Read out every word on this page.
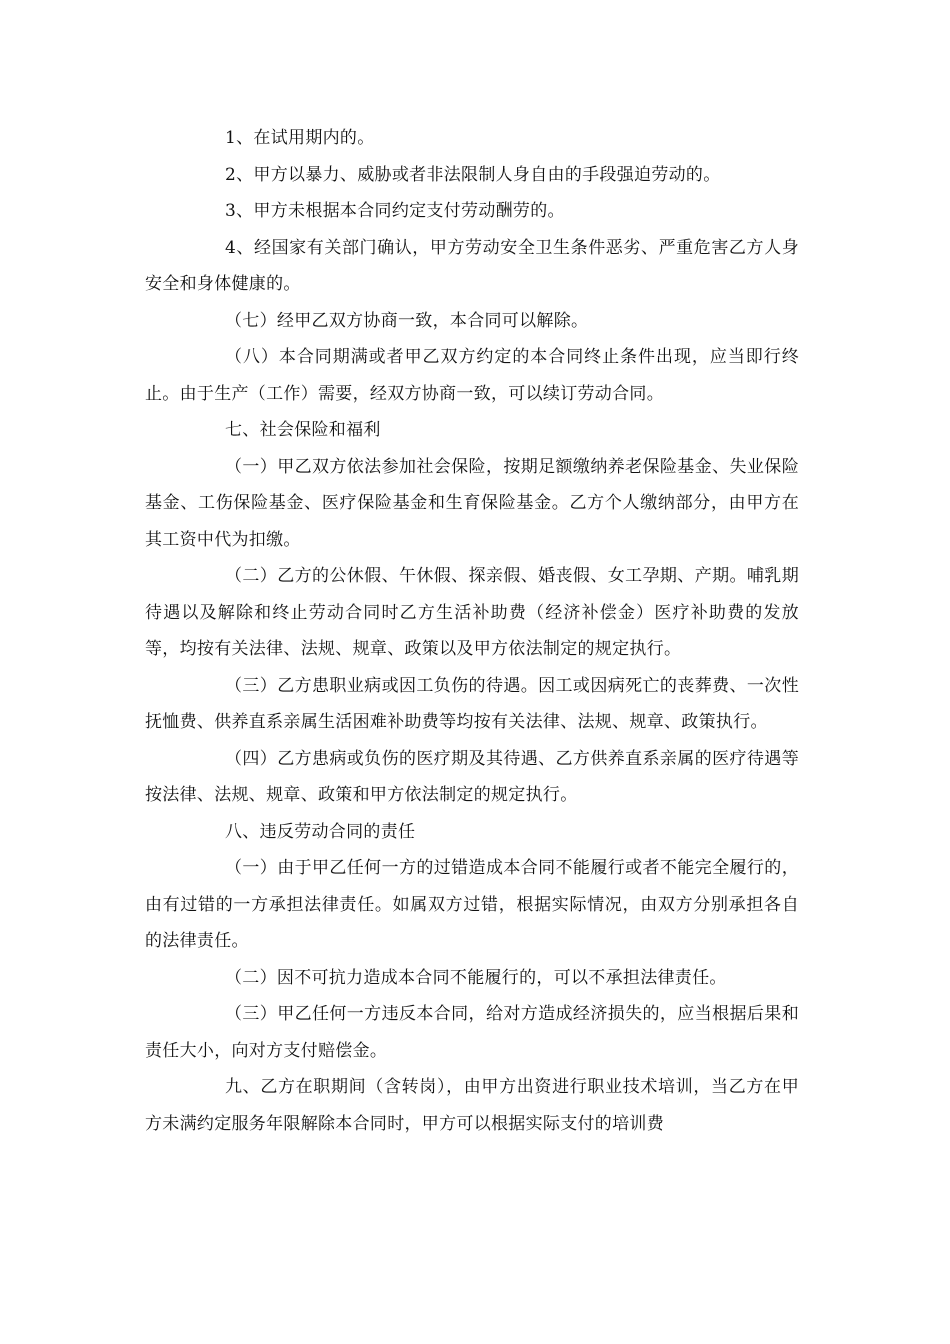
1、在试用期内的。

2、甲方以暴力、威胁或者非法限制人身自由的手段强迫劳动的。

3、甲方未根据本合同约定支付劳动酬劳的。

4、经国家有关部门确认，甲方劳动安全卫生条件恶劣、严重危害乙方人身安全和身体健康的。

（七）经甲乙双方协商一致，本合同可以解除。

（八）本合同期满或者甲乙双方约定的本合同终止条件出现，应当即行终止。由于生产（工作）需要，经双方协商一致，可以续订劳动合同。

七、社会保险和福利

（一）甲乙双方依法参加社会保险，按期足额缴纳养老保险基金、失业保险基金、工伤保险基金、医疗保险基金和生育保险基金。乙方个人缴纳部分，由甲方在其工资中代为扣缴。

（二）乙方的公休假、午休假、探亲假、婚丧假、女工孕期、产期。哺乳期待遇以及解除和终止劳动合同时乙方生活补助费（经济补偿金）医疗补助费的发放等，均按有关法律、法规、规章、政策以及甲方依法制定的规定执行。

（三）乙方患职业病或因工负伤的待遇。因工或因病死亡的丧葬费、一次性抚恤费、供养直系亲属生活困难补助费等均按有关法律、法规、规章、政策执行。

（四）乙方患病或负伤的医疗期及其待遇、乙方供养直系亲属的医疗待遇等按法律、法规、规章、政策和甲方依法制定的规定执行。

八、违反劳动合同的责任

（一）由于甲乙任何一方的过错造成本合同不能履行或者不能完全履行的，由有过错的一方承担法律责任。如属双方过错，根据实际情况，由双方分别承担各自的法律责任。

（二）因不可抗力造成本合同不能履行的，可以不承担法律责任。

（三）甲乙任何一方违反本合同，给对方造成经济损失的，应当根据后果和责任大小，向对方支付赔偿金。

九、乙方在职期间（含转岗），由甲方出资进行职业技术培训，当乙方在甲方未满约定服务年限解除本合同时，甲方可以根据实际支付的培训费
